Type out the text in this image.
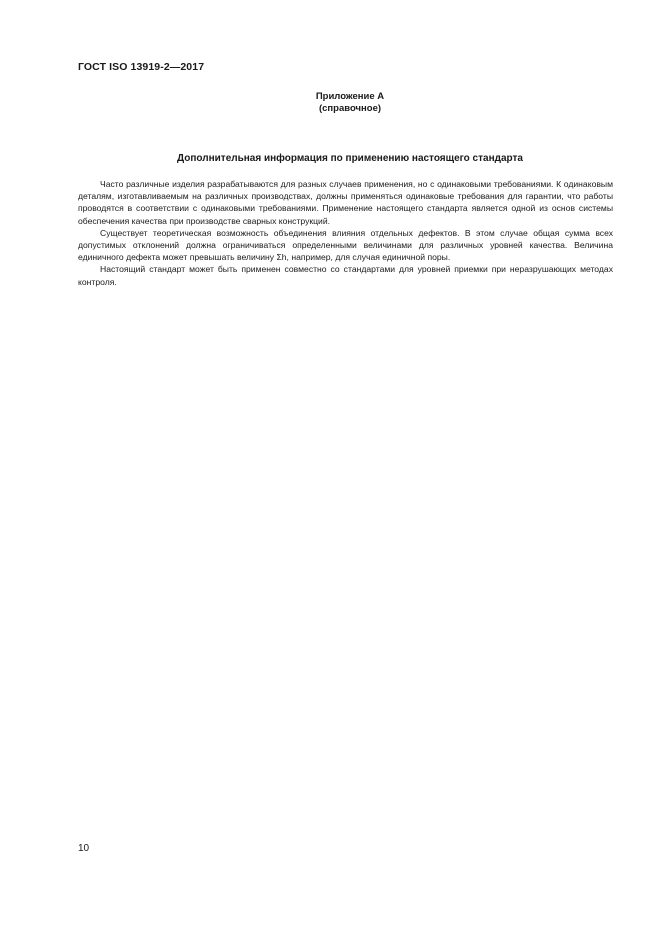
ГОСТ ISO 13919-2—2017
Приложение А
(справочное)
Дополнительная информация по применению настоящего стандарта

Часто различные изделия разрабатываются для разных случаев применения, но с одинаковыми требованиями. К одинаковым деталям, изготавливаемым на различных производствах, должны применяться одинаковые требования для гарантии, что работы проводятся в соответствии с одинаковыми требованиями. Применение настоящего стандарта является одной из основ системы обеспечения качества при производстве сварных конструкций.

Существует теоретическая возможность объединения влияния отдельных дефектов. В этом случае общая сумма всех допустимых отклонений должна ограничиваться определенными величинами для различных уровней качества. Величина единичного дефекта может превышать величину Σh, например, для случая единичной поры.

Настоящий стандарт может быть применен совместно со стандартами для уровней приемки при неразрушающих методах контроля.

10
